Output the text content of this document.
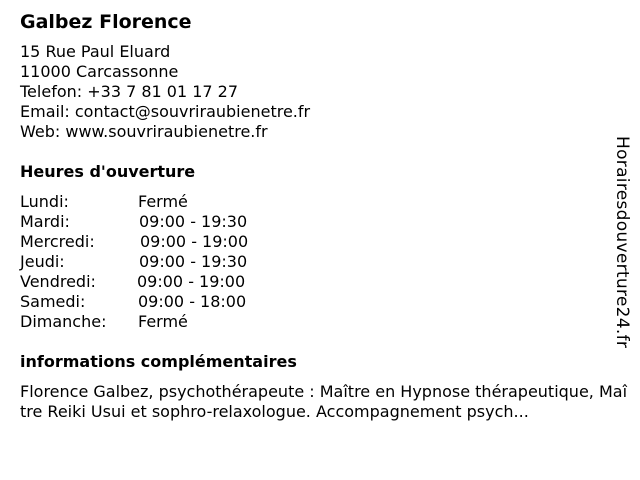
Galbez Florence
15 Rue Paul Eluard
11000 Carcassonne
Telefon: +33 7 81 01 17 27
Email: contact@souvriraubienetre.fr
Web: www.souvriraubienetre.fr
Heures d'ouverture
Lundi:	Fermé
Mardi:	09:00 - 19:30
Mercredi:	09:00 - 19:00
Jeudi:	09:00 - 19:30
Vendredi:	09:00 - 19:00
Samedi:	09:00 - 18:00
Dimanche: Fermé
informations complémentaires
Florence Galbez, psychothérapeute : Maître en Hypnose thérapeutique, Maître Reiki Usui et sophro-relaxologue. Accompagnement psych...
Horairesdouverture24.fr
